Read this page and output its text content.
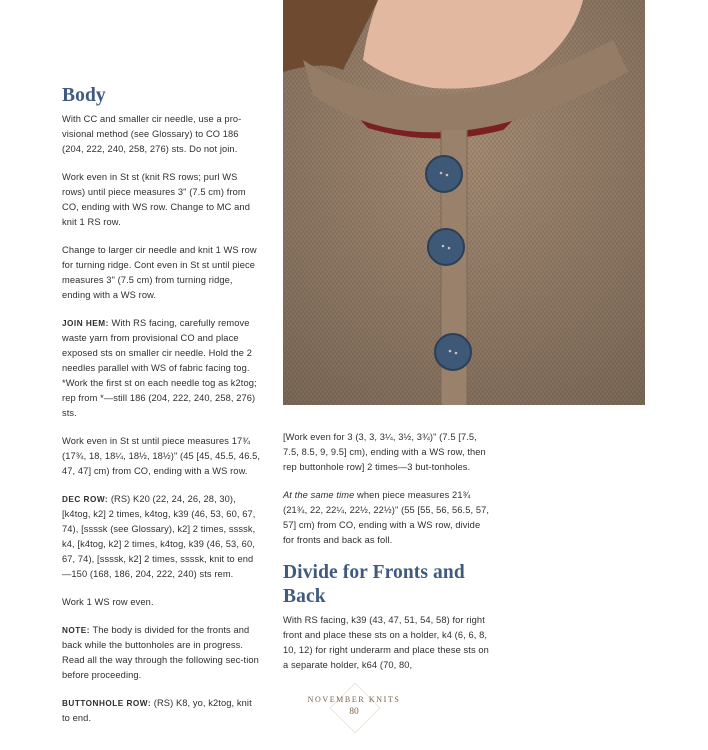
Body

With CC and smaller cir needle, use a pro-visional method (see Glossary) to CO 186 (204, 222, 240, 258, 276) sts. Do not join.

Work even in St st (knit RS rows; purl WS rows) until piece measures 3" (7.5 cm) from CO, ending with WS row. Change to MC and knit 1 RS row.

Change to larger cir needle and knit 1 WS row for turning ridge. Cont even in St st until piece measures 3" (7.5 cm) from turning ridge, ending with a WS row.

JOIN HEM: With RS facing, carefully remove waste yarn from provisional CO and place exposed sts on smaller cir needle. Hold the 2 needles parallel with WS of fabric facing tog. *Work the first st on each needle tog as k2tog; rep from *—still 186 (204, 222, 240, 258, 276) sts.

Work even in St st until piece measures 17¾ (17¾, 18, 18¼, 18½, 18½)" (45 [45, 45.5, 46.5, 47, 47] cm) from CO, ending with a WS row.

DEC ROW: (RS) K20 (22, 24, 26, 28, 30), [k4tog, k2] 2 times, k4tog, k39 (46, 53, 60, 67, 74), [ssssk (see Glossary), k2] 2 times, ssssk, k4, [k4tog, k2] 2 times, k4tog, k39 (46, 53, 60, 67, 74), [ssssk, k2] 2 times, ssssk, knit to end—150 (168, 186, 204, 222, 240) sts rem.

Work 1 WS row even.

NOTE: The body is divided for the fronts and back while the buttonholes are in progress. Read all the way through the following sec-tion before proceeding.

BUTTONHOLE ROW: (RS) K8, yo, k2tog, knit to end.

[Work even for 3 (3, 3, 3¼, 3½, 3¾)" (7.5 [7.5, 7.5, 8.5, 9, 9.5] cm), ending with a WS row, then rep buttonhole row] 2 times—3 but-tonholes.

At the same time when piece measures 21¾ (21¾, 22, 22¼, 22½, 22½)" (55 [55, 56, 56.5, 57, 57] cm) from CO, ending with a WS row, divide for fronts and back as foll.

Divide for Fronts and Back

With RS facing, k39 (43, 47, 51, 54, 58) for right front and place these sts on a holder, k4 (6, 6, 8, 10, 12) for right underarm and place these sts on a separate holder, k64 (70, 80,

NOVEMBER KNITS
80
